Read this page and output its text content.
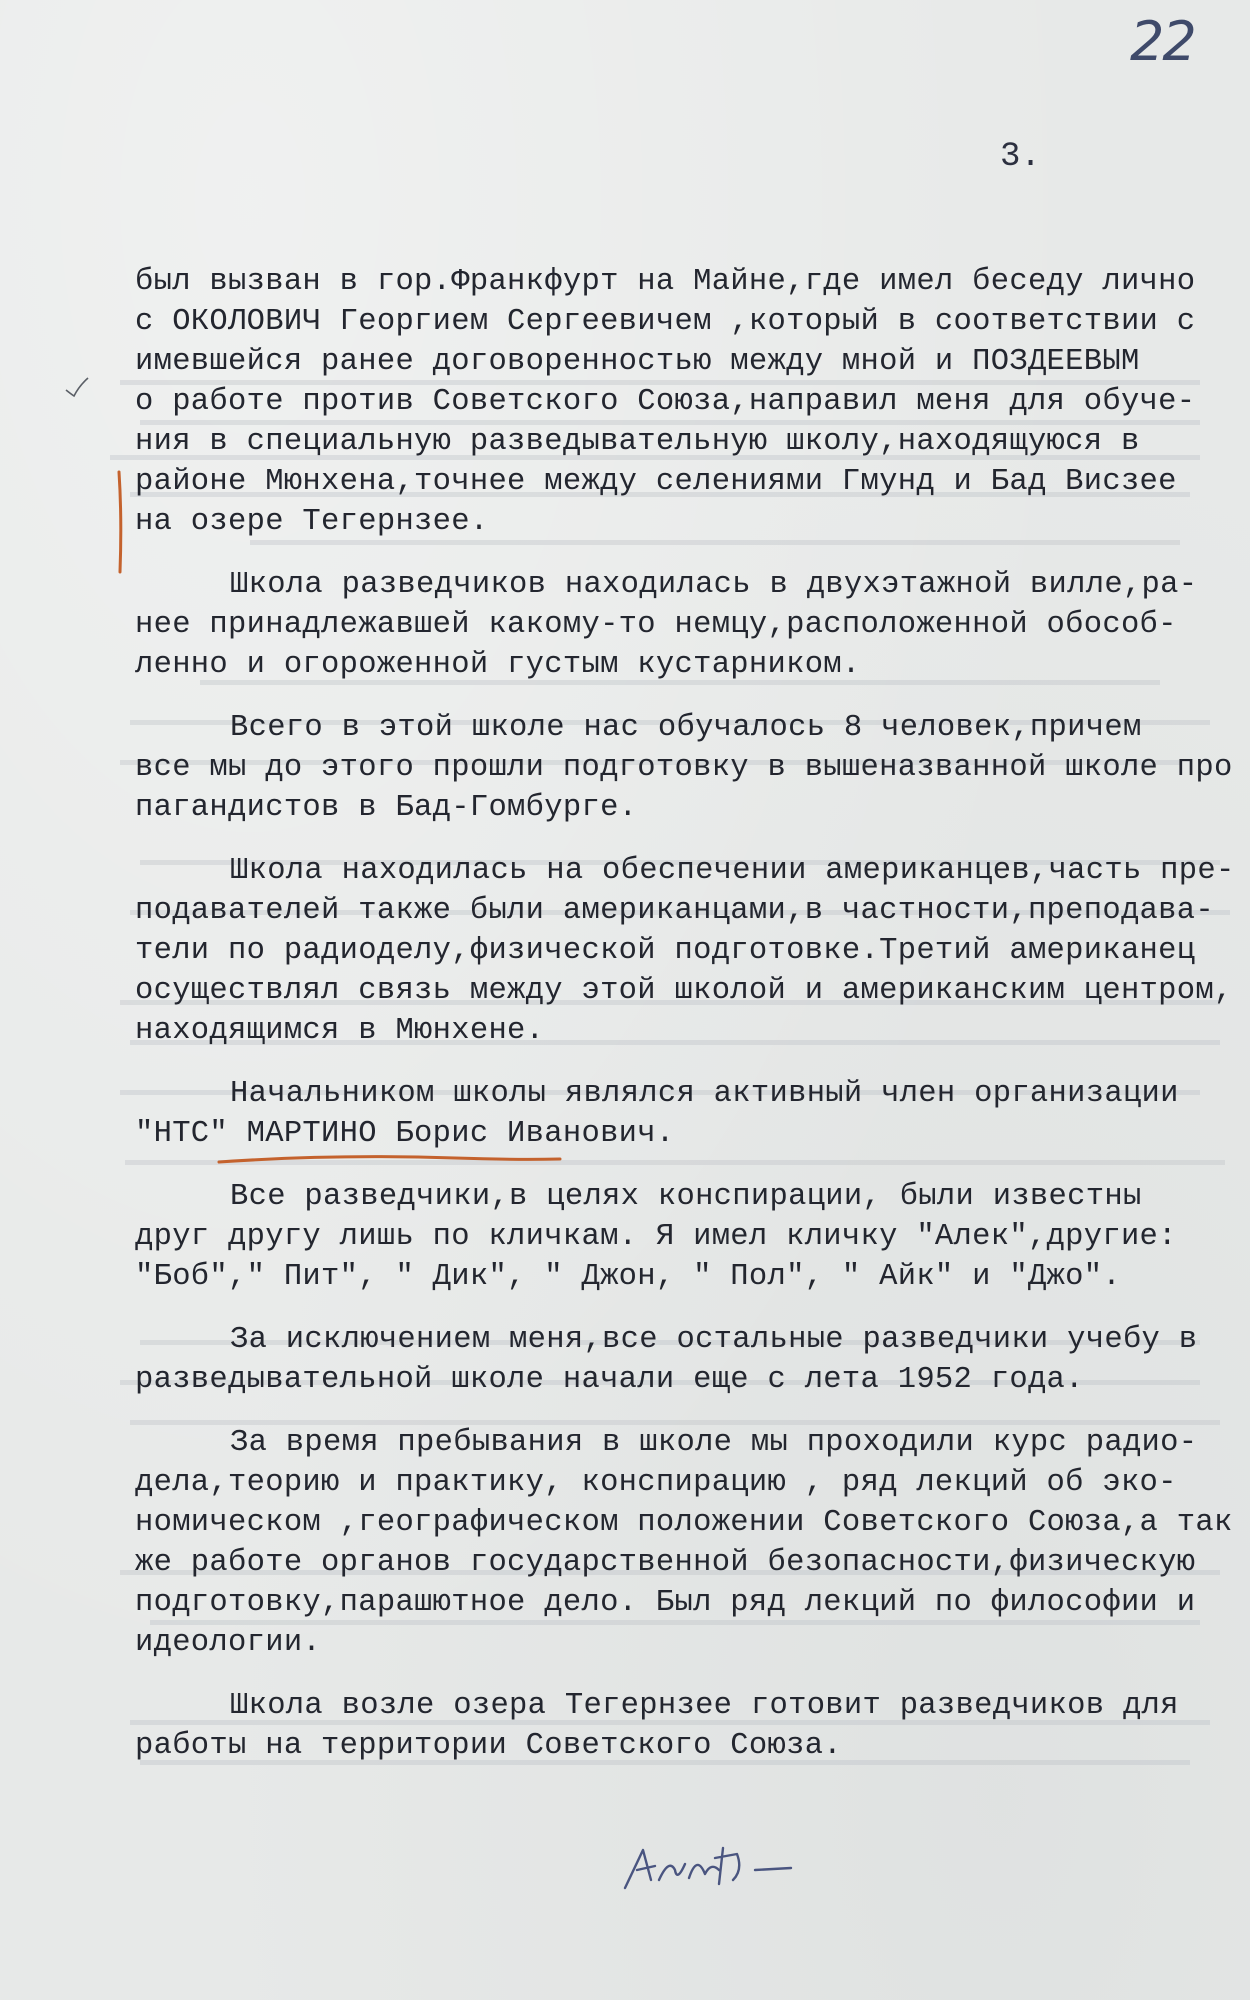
22
3.
был вызван в гор.Франкфурт на Майне,где имел беседу лично
с ОКОЛОВИЧ Георгием Сергеевичем ,который в соответствии с
имевшейся ранее договоренностью между мной и ПОЗДЕЕВЫМ
о работе против Советского Союза,направил меня для обуче-
ния в специальную разведывательную школу,находящуюся в
районе Мюнхена,точнее между селениями Гмунд и Бад Висзее
на озере Тегернзее.
Школа разведчиков находилась в двухэтажной вилле,ра-
нее принадлежавшей какому-то немцу,расположенной обособ-
ленно и огороженной густым кустарником.
Всего в этой школе нас обучалось 8 человек,причем
все мы до этого прошли подготовку в вышеназванной школе про
пагандистов в Бад-Гомбурге.
Школа находилась на обеспечении американцев,часть пре-
подавателей также были американцами,в частности,преподава-
тели по радиоделу,физической подготовке.Третий американец
осуществлял связь между этой школой и американским центром,
находящимся в Мюнхене.
Начальником школы являлся активный член организации
"НТС" МАРТИНО Борис Иванович.
Все разведчики,в целях конспирации, были известны
друг другу лишь по кличкам. Я имел кличку "Алек",другие:
"Боб"," Пит", " Дик", " Джон, " Пол", " Айк" и "Джо".
За исключением меня,все остальные разведчики учебу в
разведывательной школе начали еще с лета 1952 года.
За время пребывания в школе мы проходили курс радио-
дела,теорию и практику, конспирацию , ряд лекций об эко-
номическом ,географическом положении Советского Союза,а так
же работе органов государственной безопасности,физическую
подготовку,парашютное дело. Был ряд лекций по философии и
идеологии.
Школа возле озера Тегернзее готовит разведчиков для
работы на территории Советского Союза.
